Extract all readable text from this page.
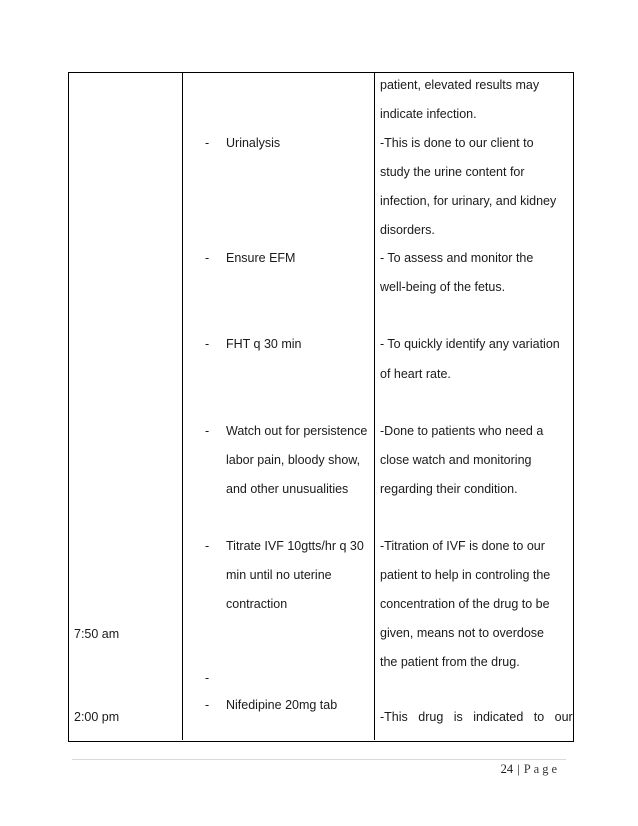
7:50 am
2:00 pm
- Urinalysis
- Ensure EFM
- FHT q 30 min
- Watch out for persistence
labor pain, bloody show,
and other unusualities
- Titrate IVF 10gtts/hr q 30
min until no uterine
contraction
-
- Nifedipine 20mg tab
patient, elevated results may
indicate infection.
-This is done to our client to
study the urine content for
infection, for urinary, and kidney
disorders.
- To assess and monitor the
well-being of the fetus.
- To quickly identify any variation
of heart rate.
-Done to patients who need a
close watch and monitoring
regarding their condition.
-Titration of IVF is done to our
patient to help in controling the
concentration of the drug to be
given, means not to overdose
the patient from the drug.
-This drug is indicated to our
24 | Page
